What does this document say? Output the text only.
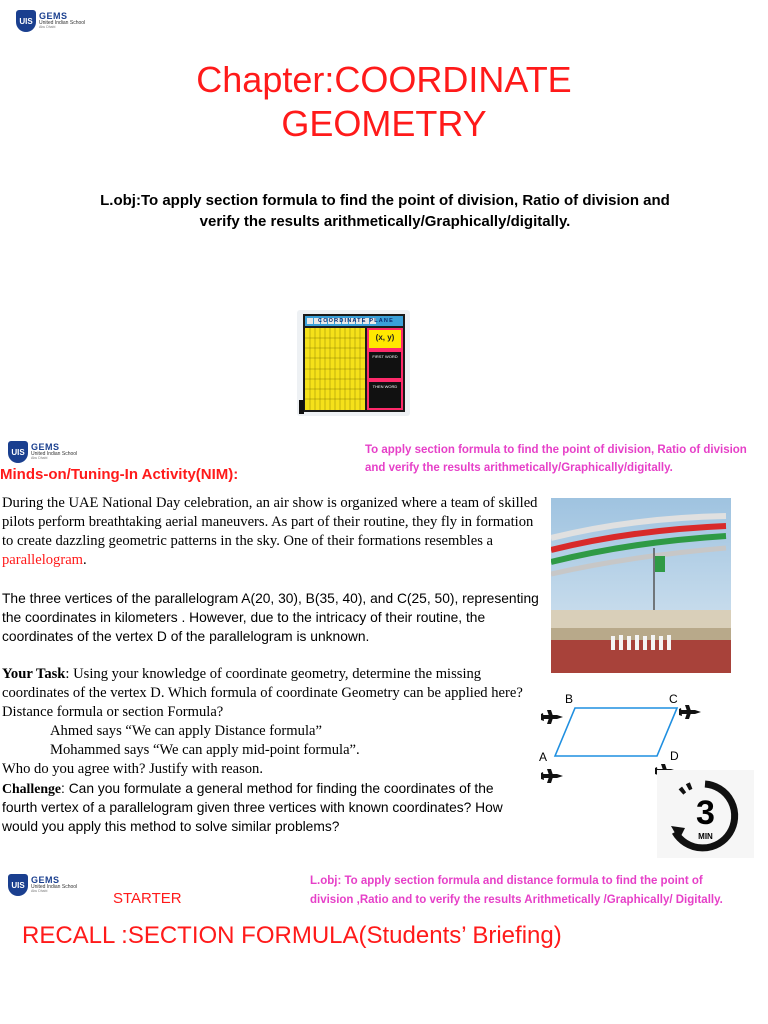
UIS GEMS
United Indian School
Abu Dhabi
Chapter:COORDINATE
GEOMETRY
L.obj:To apply section formula to find the point of division, Ratio of division and verify the results arithmetically/Graphically/digitally.
COORDINATE PLANE
(x, y)
FIRST WORD
THEN WORD
UIS GEMS
United Indian School
Abu Dhabi
To apply section formula to find the point of division, Ratio of division and verify the results arithmetically/Graphically/digitally.
Minds-on/Tuning-In Activity(NIM):

During the UAE National Day celebration, an air show is organized where a team of skilled pilots perform breathtaking aerial maneuvers. As part of their routine, they fly in formation to create dazzling geometric patterns in the sky. One of their formations resembles a parallelogram.

The three vertices of the parallelogram A(20, 30), B(35, 40), and C(25, 50), representing the coordinates in kilometers . However, due to the intricacy of their routine, the coordinates of the vertex D of the parallelogram is unknown.

Your Task: Using your knowledge of coordinate geometry, determine the missing coordinates of the vertex D. Which formula of coordinate Geometry can be applied here? Distance formula or section Formula?

Ahmed says “We can apply Distance formula”

Mohammed says “We can apply mid-point formula”.

Who do you agree with? Justify with reason.

Challenge: Can you formulate a general method for finding the coordinates of the fourth vertex of a parallelogram given three vertices with known coordinates? How would you apply this method to solve similar problems?

A
B	C
D
3
MIN
UIS GEMS
United Indian School
Abu Dhabi	STARTER
L.obj: To apply section formula and distance formula to find the point of division ,Ratio and to verify the results Arithmetically /Graphically/ Digitally.
RECALL :SECTION FORMULA(Students’ Briefing)
